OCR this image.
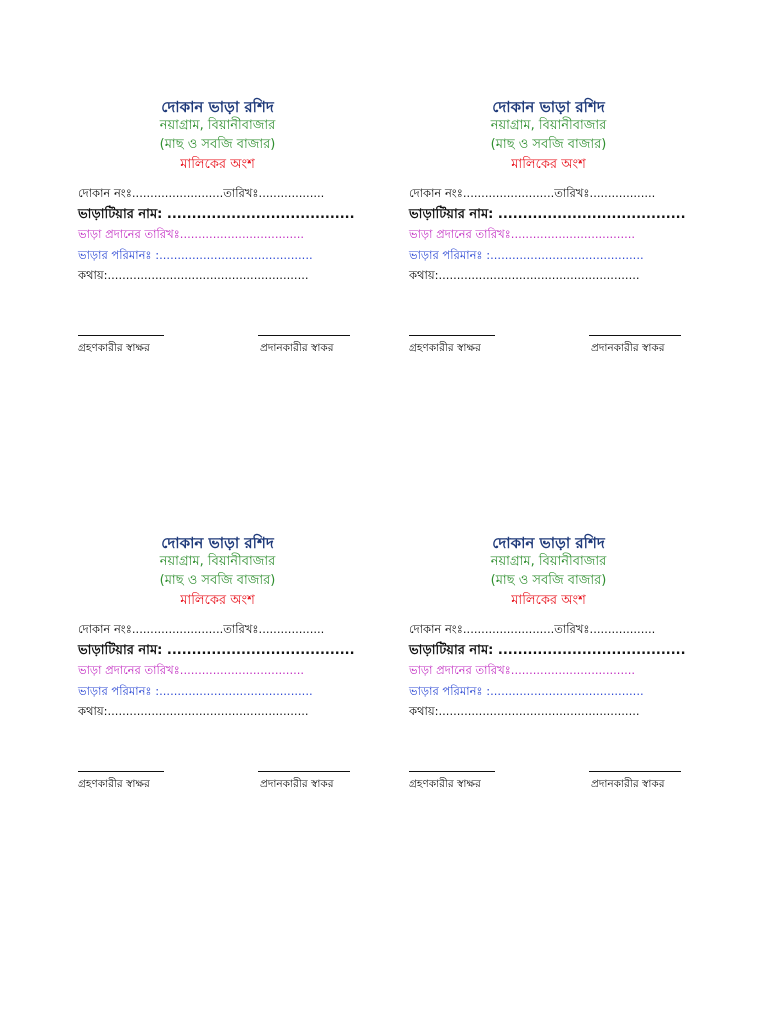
দোকান ভাড়া রশিদ
নয়াগ্রাম, বিয়ানীবাজার
(মাছ ও সবজি বাজার)
মালিকের অংশ
দোকান নংঃ.........................তারিখঃ..................
ভাড়াটিয়ার নাম: ......................................
ভাড়া প্রদানের তারিখঃ..................................
ভাড়ার পরিমানঃ :..........................................
কথায়:.......................................................
গ্রহণকারীর স্বাক্ষর	প্রদানকারীর স্বাকর
দোকান ভাড়া রশিদ
নয়াগ্রাম, বিয়ানীবাজার
(মাছ ও সবজি বাজার)
মালিকের অংশ
দোকান নংঃ.........................তারিখঃ..................
ভাড়াটিয়ার নাম: ......................................
ভাড়া প্রদানের তারিখঃ..................................
ভাড়ার পরিমানঃ :..........................................
কথায়:.......................................................
গ্রহণকারীর স্বাক্ষর	প্রদানকারীর স্বাকর
দোকান ভাড়া রশিদ
নয়াগ্রাম, বিয়ানীবাজার
(মাছ ও সবজি বাজার)
মালিকের অংশ
দোকান নংঃ.........................তারিখঃ..................
ভাড়াটিয়ার নাম: ......................................
ভাড়া প্রদানের তারিখঃ..................................
ভাড়ার পরিমানঃ :..........................................
কথায়:.......................................................
গ্রহণকারীর স্বাক্ষর	প্রদানকারীর স্বাকর
দোকান ভাড়া রশিদ
নয়াগ্রাম, বিয়ানীবাজার
(মাছ ও সবজি বাজার)
মালিকের অংশ
দোকান নংঃ.........................তারিখঃ..................
ভাড়াটিয়ার নাম: ......................................
ভাড়া প্রদানের তারিখঃ..................................
ভাড়ার পরিমানঃ :..........................................
কথায়:.......................................................
গ্রহণকারীর স্বাক্ষর	প্রদানকারীর স্বাকর
